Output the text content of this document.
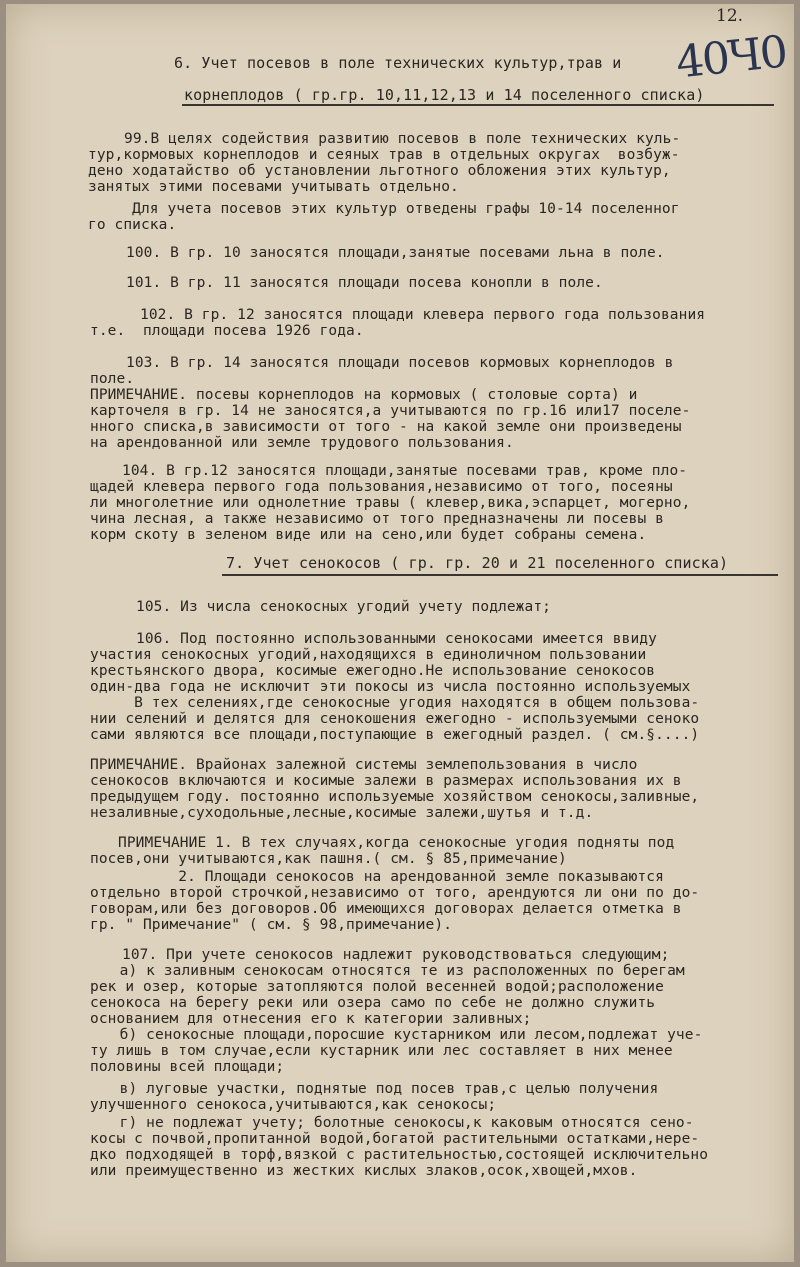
12.
40Ч0
6. Учет посевов в поле технических культур,трав и
корнеплодов ( гр.гр. 10,11,12,13 и 14 поселенного списка)
99.В целях содействия развитию посевов в поле технических куль-
тур,кормовых корнеплодов и сеяных трав в отдельных округах  возбуж-
дено ходатайство об установлении льготного обложения этих культур,
занятых этими посевами учитывать отдельно.
Для учета посевов этих культур отведены графы 10-14 поселенног
го списка.
100. В гр. 10 заносятся площади,занятые посевами льна в поле.
101. В гр. 11 заносятся площади посева конопли в поле.
102. В гр. 12 заносятся площади клевера первого года пользования
т.е.  площади посева 1926 года.
103. В гр. 14 заносятся площади посевов кормовых корнеплодов в
поле.
ПРИМЕЧАНИЕ. посевы корнеплодов на кормовых ( столовые сорта) и
карточеля в гр. 14 не заносятся,а учитываются по гр.16 или17 поселе-
нного списка,в зависимости от того - на какой земле они произведены
на арендованной или земле трудового пользования.
104. В гр.12 заносятся площади,занятые посевами трав, кроме пло-
щадей клевера первого года пользования,независимо от того, посеяны
ли многолетние или однолетние травы ( клевер,вика,эспарцет, могерно,
чина лесная, а также независимо от того предназначены ли посевы в
корм скоту в зеленом виде или на сено,или будет собраны семена.
7. Учет сенокосов ( гр. гр. 20 и 21 поселенного списка)
105. Из числа сенокосных угодий учету подлежат;
106. Под постоянно использованными сенокосами имеется ввиду
участия сенокосных угодий,находящихся в единоличном пользовании
крестьянского двора, косимые ежегодно.Не использование сенокосов
один-два года не исключит эти покосы из числа постоянно используемых
В тех селениях,где сенокосные угодия находятся в общем пользова-
нии селений и делятся для сенокошения ежегодно - используемыми сеноко
сами являются все площади,поступающие в ежегодный раздел. ( см.§....)
ПРИМЕЧАНИЕ. Врайонах залежной системы землепользования в число
сенокосов включаются и косимые залежи в размерах использования их в
предыдущем году. постоянно используемые хозяйством сенокосы,заливные,
незаливные,суходольные,лесные,косимые залежи,шутья и т.д.
ПРИМЕЧАНИЕ 1. В тех случаях,когда сенокосные угодия подняты под
посев,они учитываются,как пашня.( см. § 85,примечание)
2. Площади сенокосов на арендованной земле показываются
отдельно второй строчкой,независимо от того, арендуются ли они по до-
говорам,или без договоров.Об имеющихся договорах делается отметка в
гр. " Примечание" ( см. § 98,примечание).
107. При учете сенокосов надлежит руководствоваться следующим;
а) к заливным сенокосам относятся те из расположенных по берегам
рек и озер, которые затопляются полой весенней водой;расположение
сенокоса на берегу реки или озера само по себе не должно служить
основанием для отнесения его к категории заливных;
б) сенокосные площади,поросшие кустарником или лесом,подлежат уче-
ту лишь в том случае,если кустарник или лес составляет в них менее
половины всей площади;
в) луговые участки, поднятые под посев трав,с целью получения
улучшенного сенокоса,учитываются,как сенокосы;
г) не подлежат учету; болотные сенокосы,к каковым относятся сено-
косы с почвой,пропитанной водой,богатой растительными остатками,нере-
дко подходящей в торф,вязкой с растительностью,состоящей исключительно
или преимущественно из жестких кислых злаков,осок,хвощей,мхов.
